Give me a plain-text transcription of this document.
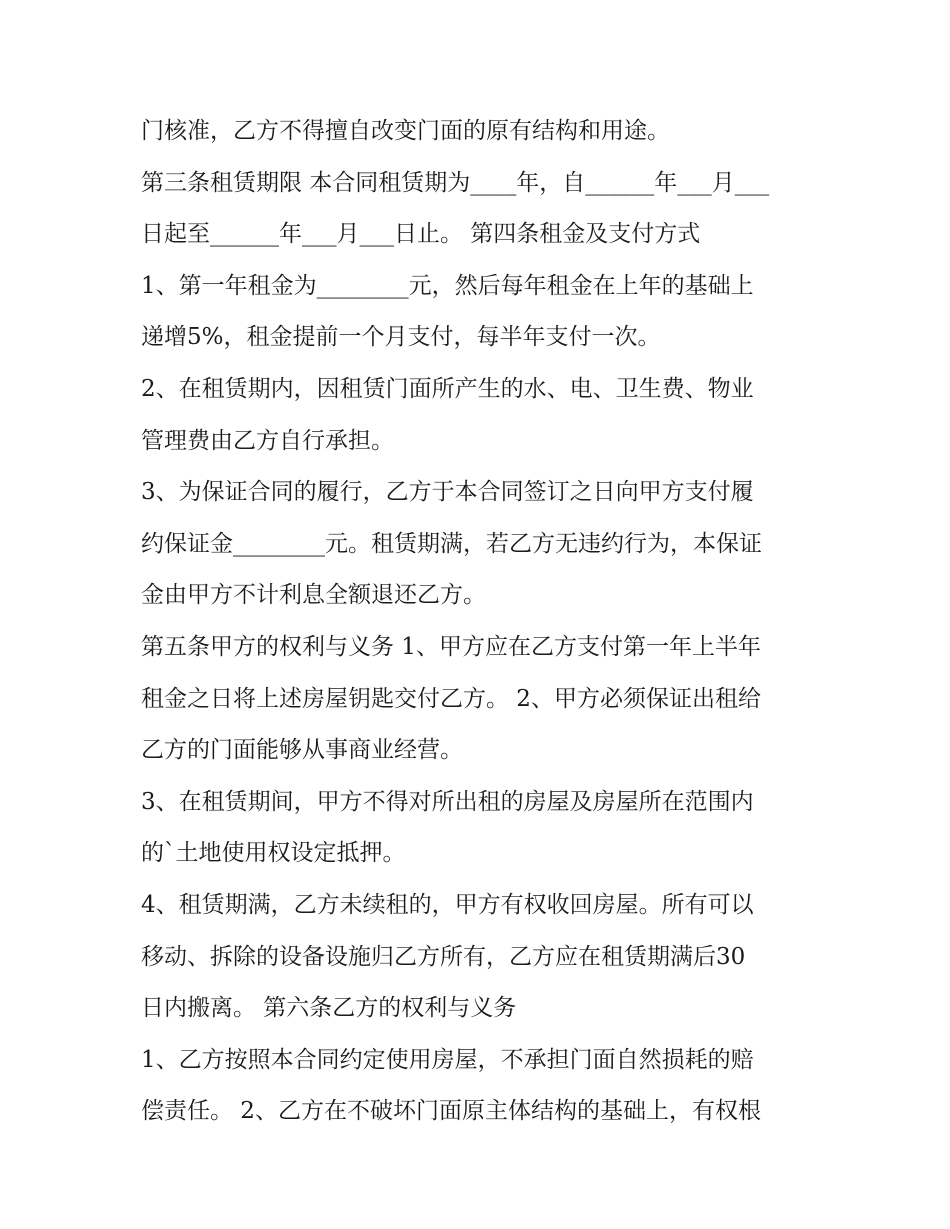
门核准，乙方不得擅自改变门面的原有结构和用途。
第三条租赁期限 本合同租赁期为____年，自______年___月___
日起至______年___月___日止。 第四条租金及支付方式
1、第一年租金为________元，然后每年租金在上年的基础上
递增5%，租金提前一个月支付，每半年支付一次。
2、在租赁期内，因租赁门面所产生的水、电、卫生费、物业
管理费由乙方自行承担。
3、为保证合同的履行，乙方于本合同签订之日向甲方支付履
约保证金________元。租赁期满，若乙方无违约行为，本保证
金由甲方不计利息全额退还乙方。
第五条甲方的权利与义务 1、甲方应在乙方支付第一年上半年
租金之日将上述房屋钥匙交付乙方。 2、甲方必须保证出租给
乙方的门面能够从事商业经营。
3、在租赁期间，甲方不得对所出租的房屋及房屋所在范围内
的`土地使用权设定抵押。
4、租赁期满，乙方未续租的，甲方有权收回房屋。所有可以
移动、拆除的设备设施归乙方所有，乙方应在租赁期满后30
日内搬离。 第六条乙方的权利与义务
1、乙方按照本合同约定使用房屋，不承担门面自然损耗的赔
偿责任。 2、乙方在不破坏门面原主体结构的基础上，有权根
